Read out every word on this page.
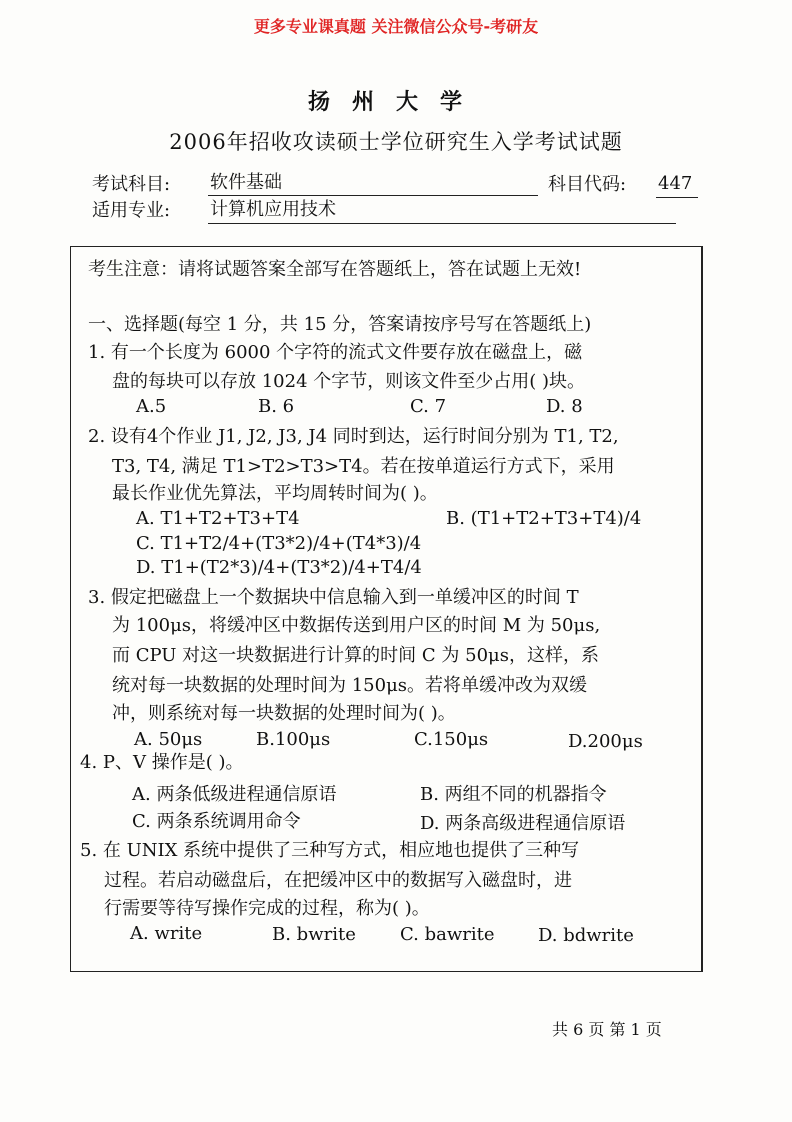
更多专业课真题 关注微信公众号-考研友
扬州大学
2006年招收攻读硕士学位研究生入学考试试题
考试科目: 软件基础	科目代码: 447
适用专业: 计算机应用技术
考生注意：请将试题答案全部写在答题纸上，答在试题上无效!
一、选择题(每空 1 分，共 15 分，答案请按序号写在答题纸上)
1. 有一个长度为 6000 个字符的流式文件要存放在磁盘上，磁
盘的每块可以存放 1024 个字节，则该文件至少占用( )块。
A.5	B. 6	C. 7	D. 8
2. 设有4个作业 J1, J2, J3, J4 同时到达，运行时间分别为 T1, T2,
T3, T4, 满足 T1>T2>T3>T4。若在按单道运行方式下，采用
最长作业优先算法，平均周转时间为( )。
A. T1+T2+T3+T4	B. (T1+T2+T3+T4)/4
C. T1+T2/4+(T3*2)/4+(T4*3)/4
D. T1+(T2*3)/4+(T3*2)/4+T4/4
3. 假定把磁盘上一个数据块中信息输入到一单缓冲区的时间 T
为 100μs，将缓冲区中数据传送到用户区的时间 M 为 50μs,
而 CPU 对这一块数据进行计算的时间 C 为 50μs，这样，系
统对每一块数据的处理时间为 150μs。若将单缓冲改为双缓
冲，则系统对每一块数据的处理时间为( )。
A. 50μs	B.100μs	C.150μs	D.200μs
4. P、V 操作是( )。
A. 两条低级进程通信原语	B. 两组不同的机器指令
C. 两条系统调用命令	D. 两条高级进程通信原语
5. 在 UNIX 系统中提供了三种写方式，相应地也提供了三种写
过程。若启动磁盘后，在把缓冲区中的数据写入磁盘时，进
行需要等待写操作完成的过程，称为( )。
A. write	B. bwrite C. bawrite D. bdwrite
共 6 页 第 1 页
